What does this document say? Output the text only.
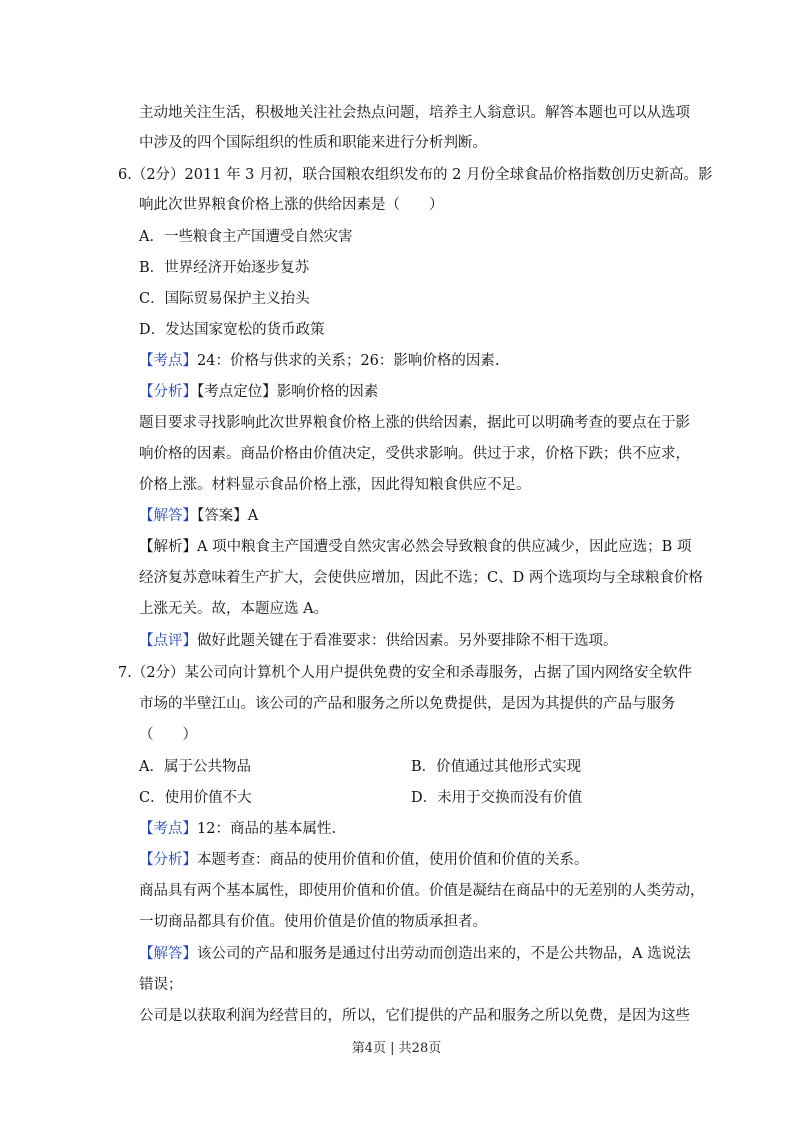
主动地关注生活，积极地关注社会热点问题，培养主人翁意识。解答本题也可以从选项
中涉及的四个国际组织的性质和职能来进行分析判断。
6.（2分）2011 年 3 月初，联合国粮农组织发布的 2 月份全球食品价格指数创历史新高。影
响此次世界粮食价格上涨的供给因素是（　　）
A．一些粮食主产国遭受自然灾害
B．世界经济开始逐步复苏
C．国际贸易保护主义抬头
D．发达国家宽松的货币政策
【考点】24：价格与供求的关系；26：影响价格的因素.
【分析】【考点定位】影响价格的因素
题目要求寻找影响此次世界粮食价格上涨的供给因素，据此可以明确考查的要点在于影
响价格的因素。商品价格由价值决定，受供求影响。供过于求，价格下跌；供不应求，
价格上涨。材料显示食品价格上涨，因此得知粮食供应不足。
【解答】【答案】A
【解析】A 项中粮食主产国遭受自然灾害必然会导致粮食的供应减少，因此应选；B 项
经济复苏意味着生产扩大，会使供应增加，因此不选；C、D 两个选项均与全球粮食价格
上涨无关。故，本题应选 A。
【点评】做好此题关键在于看准要求：供给因素。另外要排除不相干选项。
7.（2分）某公司向计算机个人用户提供免费的安全和杀毒服务，占据了国内网络安全软件
市场的半壁江山。该公司的产品和服务之所以免费提供，是因为其提供的产品与服务
（　　）
A．属于公共物品	B．价值通过其他形式实现
C．使用价值不大	D．未用于交换而没有价值
【考点】12：商品的基本属性.
【分析】本题考查：商品的使用价值和价值，使用价值和价值的关系。
商品具有两个基本属性，即使用价值和价值。价值是凝结在商品中的无差别的人类劳动，
一切商品都具有价值。使用价值是价值的物质承担者。
【解答】该公司的产品和服务是通过付出劳动而创造出来的，不是公共物品，A 选说法
错误；
公司是以获取利润为经营目的，所以，它们提供的产品和服务之所以免费，是因为这些
第4页 | 共28页
